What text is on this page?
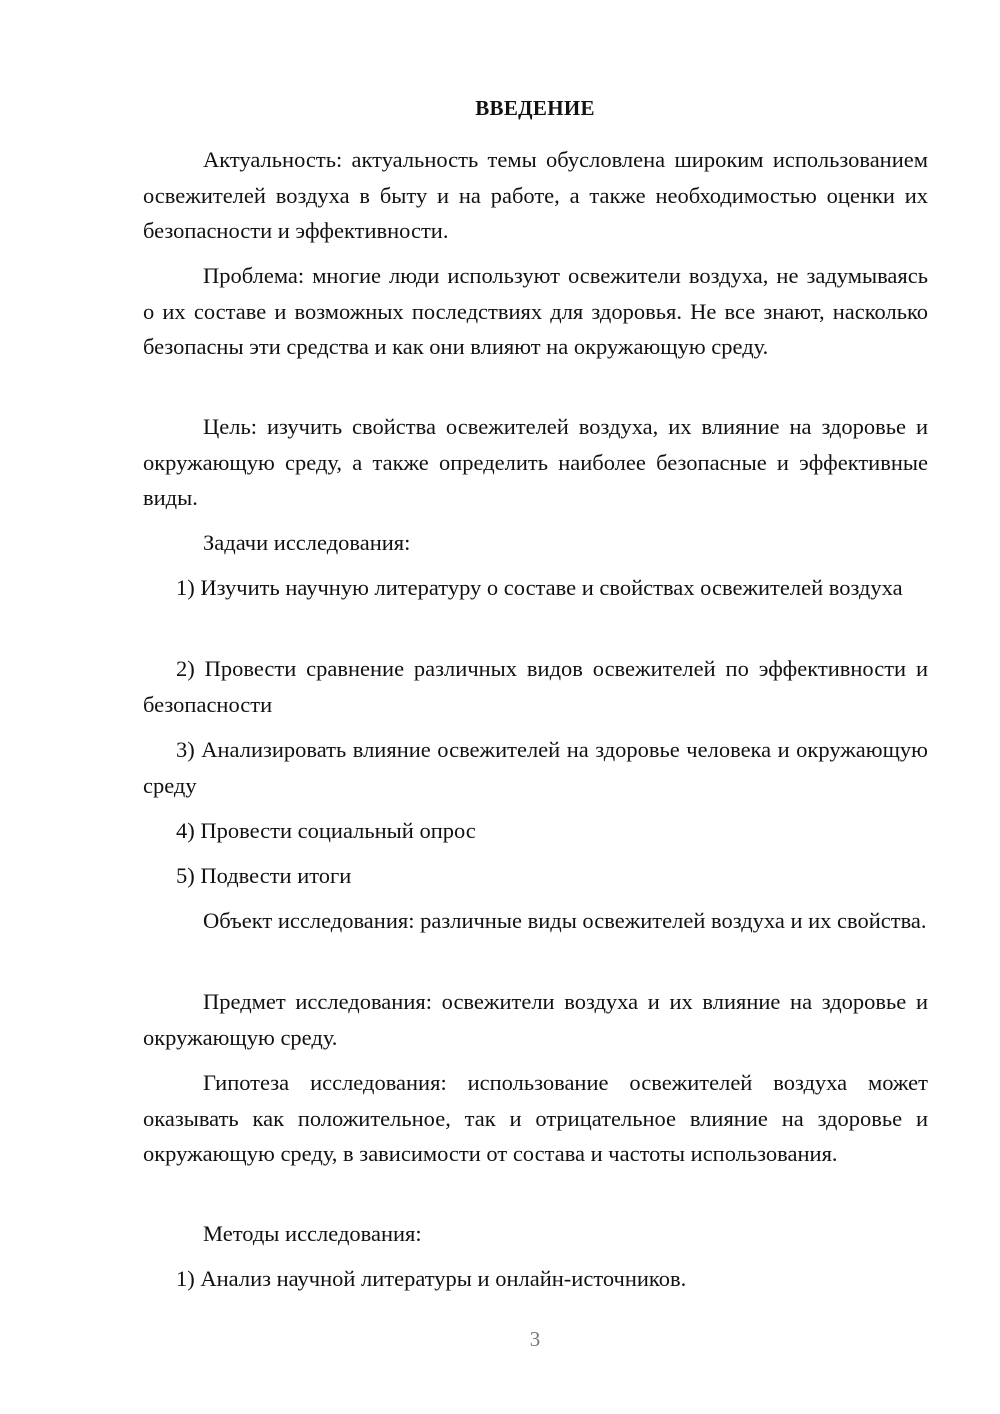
ВВЕДЕНИЕ
Актуальность: актуальность темы обусловлена широким использованием освежителей воздуха в быту и на работе, а также необходимостью оценки их безопасности и эффективности.
Проблема: многие люди используют освежители воздуха, не задумываясь о их составе и возможных последствиях для здоровья. Не все знают, насколько безопасны эти средства и как они влияют на окружающую среду.
Цель: изучить свойства освежителей воздуха, их влияние на здоровье и окружающую среду, а также определить наиболее безопасные и эффективные виды.
Задачи исследования:
1) Изучить научную литературу о составе и свойствах освежителей воздуха
2) Провести сравнение различных видов освежителей по эффективности и безопасности
3) Анализировать влияние освежителей на здоровье человека и окружающую среду
4) Провести социальный опрос
5) Подвести итоги
Объект исследования: различные виды освежителей воздуха и их свойства.
Предмет исследования: освежители воздуха и их влияние на здоровье и окружающую среду.
Гипотеза исследования: использование освежителей воздуха может оказывать как положительное, так и отрицательное влияние на здоровье и окружающую среду, в зависимости от состава и частоты использования.
Методы исследования:
1) Анализ научной литературы и онлайн-источников.
3
